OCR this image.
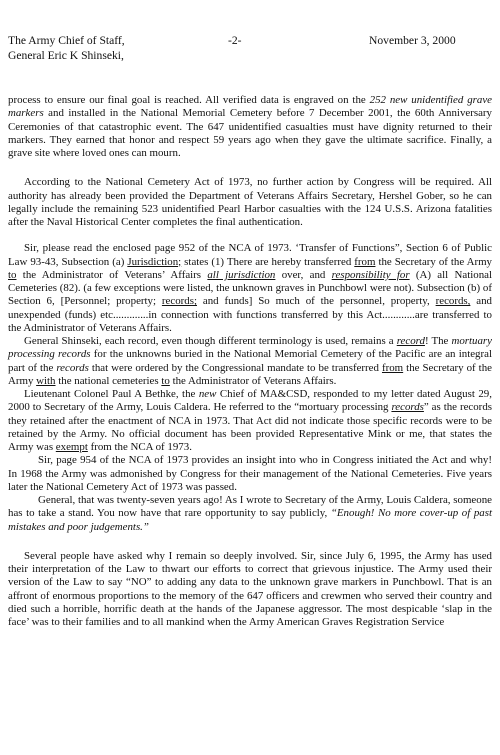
The Army Chief of Staff,
General Eric K Shinseki,
-2-	November 3, 2000

process to ensure our final goal is reached. All verified data is engraved on the 252 new unidentified grave markers and installed in the National Memorial Cemetery before 7 December 2001, the 60th Anniversary Ceremonies of that catastrophic event. The 647 unidentified casualties must have dignity returned to their markers. They earned that honor and respect 59 years ago when they gave the ultimate sacrifice. Finally, a grave site where loved ones can mourn.

According to the National Cemetery Act of 1973, no further action by Congress will be required. All authority has already been provided the Department of Veterans Affairs Secretary, Hershel Gober, so he can legally include the remaining 523 unidentified Pearl Harbor casualties with the 124 U.S.S. Arizona fatalities after the Naval Historical Center completes the final authentication.

Sir, please read the enclosed page 952 of the NCA of 1973. ‘Transfer of Functions”, Section 6 of Public Law 93-43, Subsection (a) Jurisdiction; states (1) There are hereby transferred from the Secretary of the Army to the Administrator of Veterans’ Affairs all jurisdiction over, and responsibility for (A) all National Cemeteries (82). (a few exceptions were listed, the unknown graves in Punchbowl were not). Subsection (b) of Section 6, [Personnel; property; records; and funds] So much of the personnel, property, records, and unexpended (funds) etc.............in connection with functions transferred by this Act............are transferred to the Administrator of Veterans Affairs.

General Shinseki, each record, even though different terminology is used, remains a record! The mortuary processing records for the unknowns buried in the National Memorial Cemetery of the Pacific are an integral part of the records that were ordered by the Congressional mandate to be transferred from the Secretary of the Army with the national cemeteries to the Administrator of Veterans Affairs.

Lieutenant Colonel Paul A Bethke, the new Chief of MA&CSD, responded to my letter dated August 29, 2000 to Secretary of the Army, Louis Caldera. He referred to the “mortuary processing records” as the records they retained after the enactment of NCA in 1973. That Act did not indicate those specific records were to be retained by the Army. No official document has been provided Representative Mink or me, that states the Army was exempt from the NCA of 1973.

Sir, page 954 of the NCA of 1973 provides an insight into who in Congress initiated the Act and why! In 1968 the Army was admonished by Congress for their management of the National Cemeteries. Five years later the National Cemetery Act of 1973 was passed.

General, that was twenty-seven years ago! As I wrote to Secretary of the Army, Louis Caldera, someone has to take a stand. You now have that rare opportunity to say publicly, “Enough! No more cover-up of past mistakes and poor judgements.”

Several people have asked why I remain so deeply involved. Sir, since July 6, 1995, the Army has used their interpretation of the Law to thwart our efforts to correct that grievous injustice. The Army used their version of the Law to say “NO” to adding any data to the unknown grave markers in Punchbowl. That is an affront of enormous proportions to the memory of the 647 officers and crewmen who served their country and died such a horrible, horrific death at the hands of the Japanese aggressor. The most despicable ‘slap in the face’ was to their families and to all mankind when the Army American Graves Registration Service
